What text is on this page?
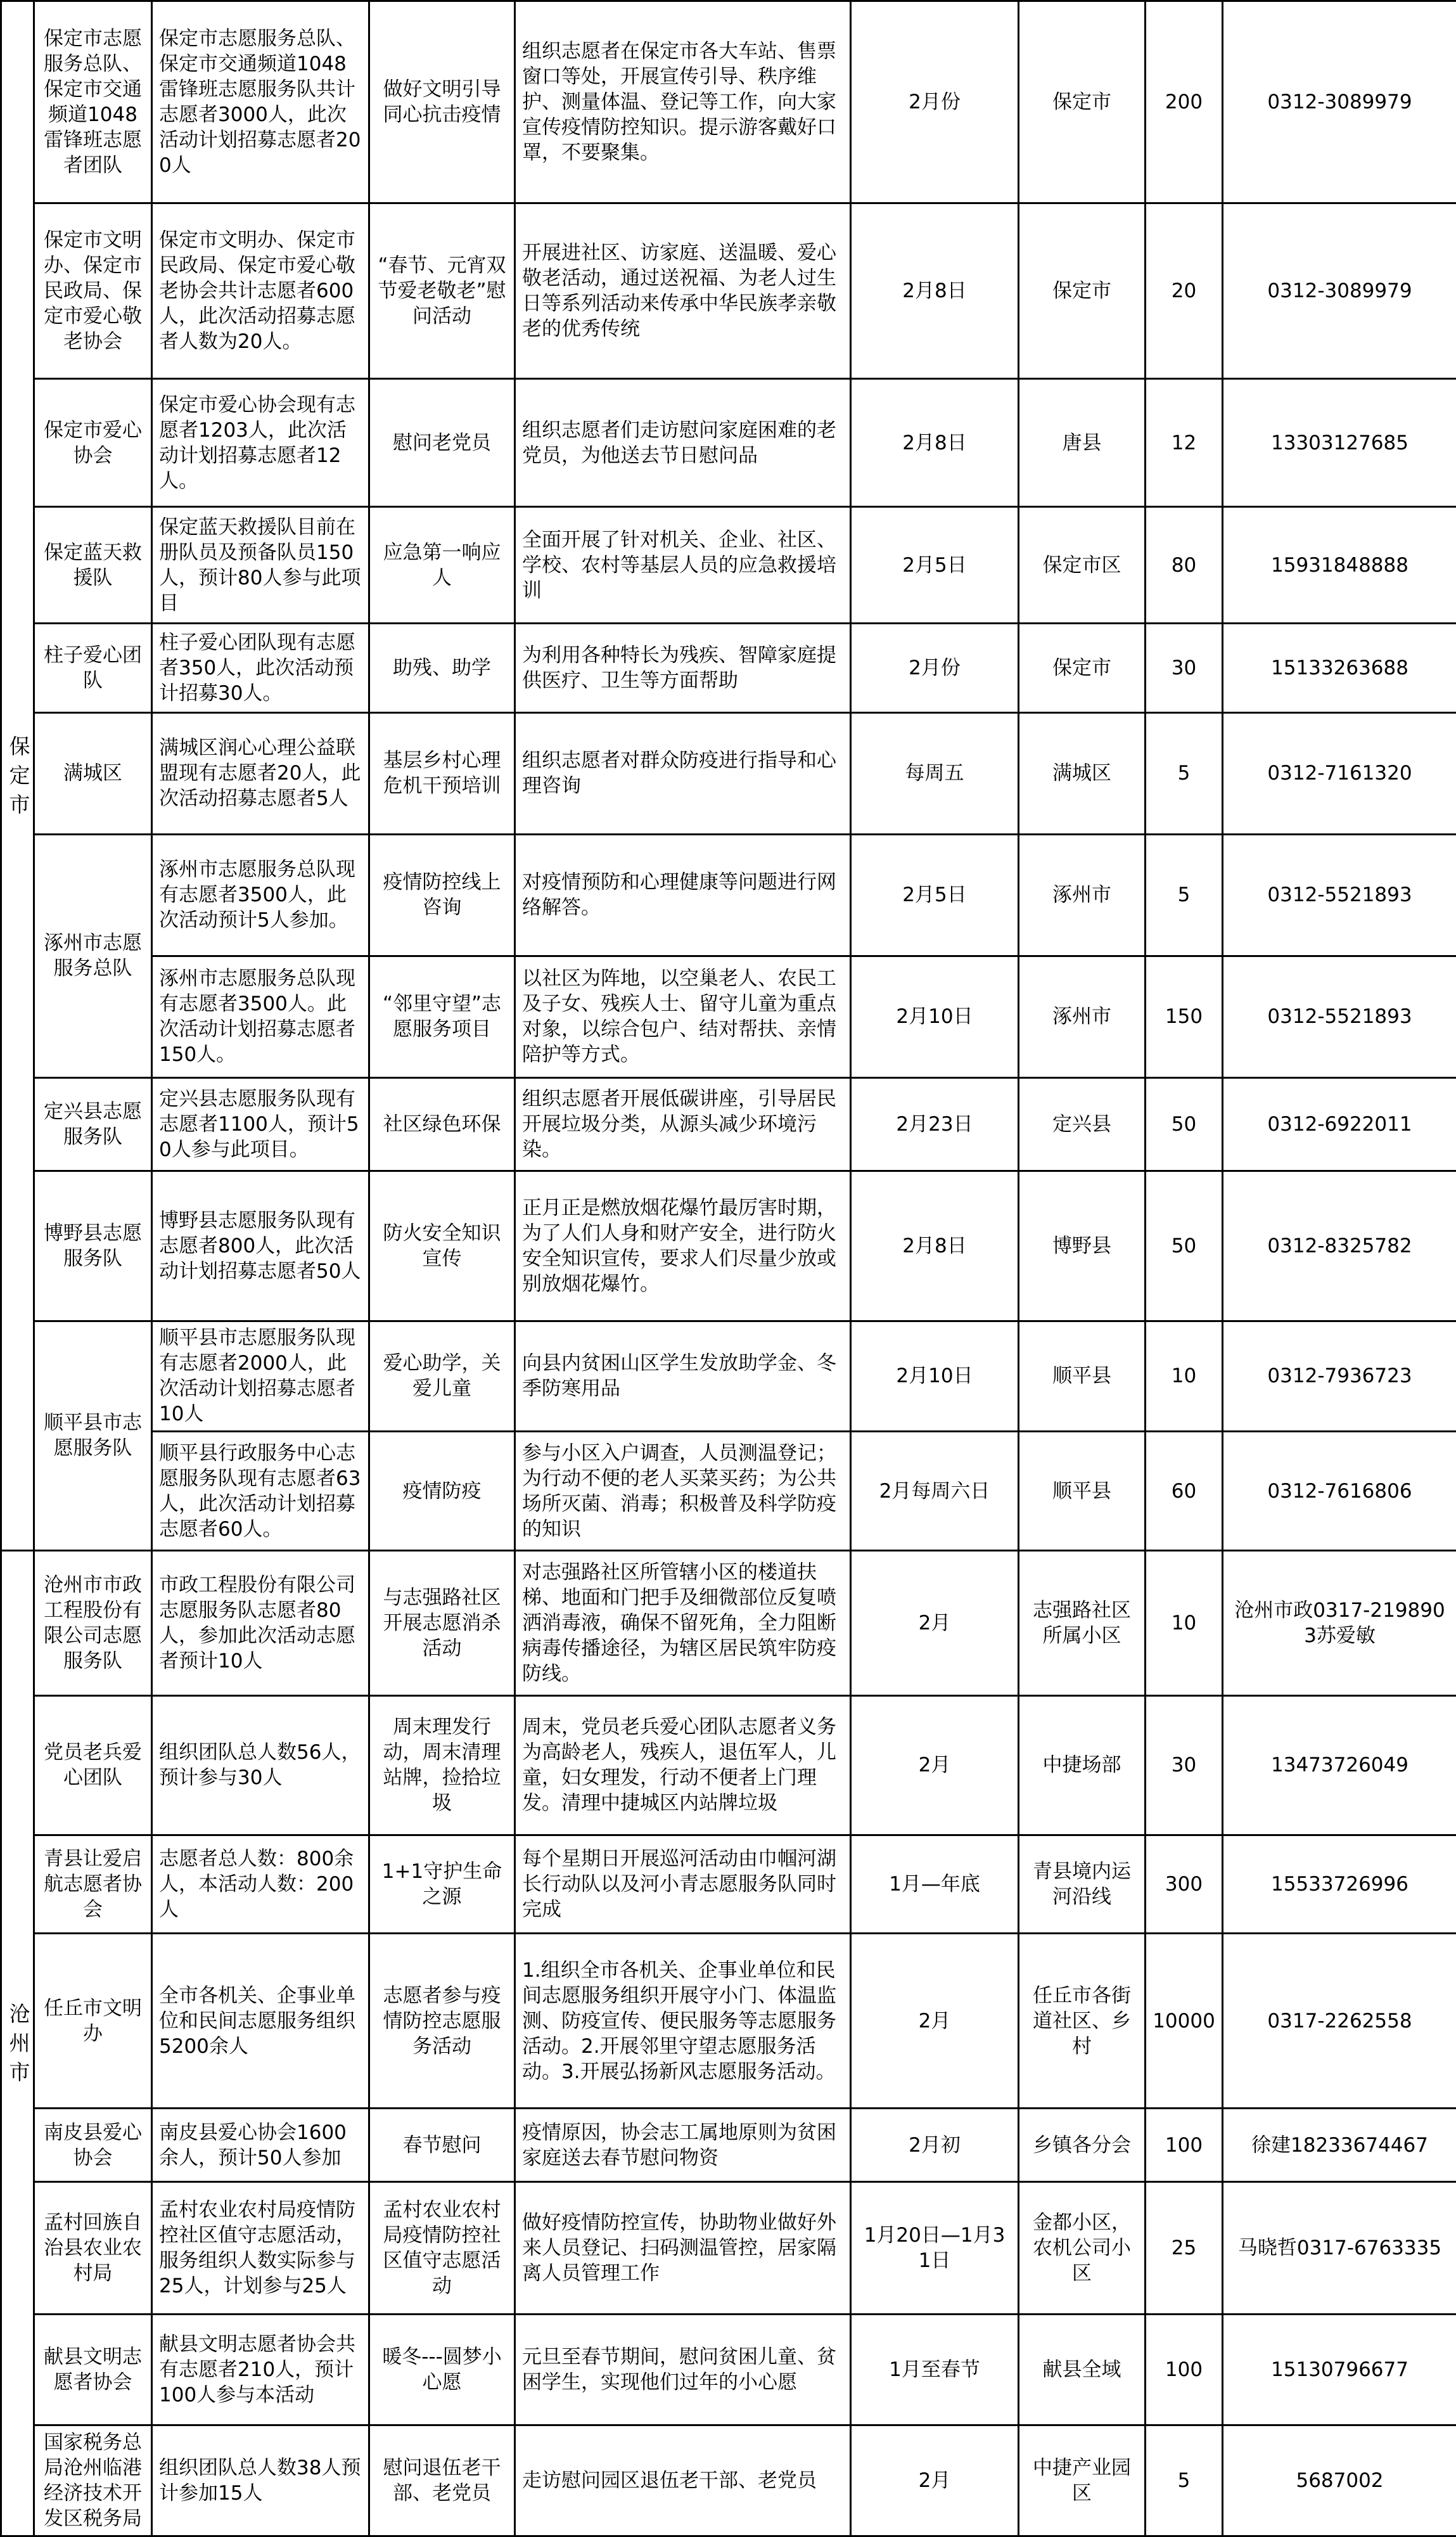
保定市	保定市志愿服务总队、保定市交通频道1048雷锋班志愿者团队	保定市志愿服务总队、保定市交通频道1048雷锋班志愿服务队共计志愿者3000人，此次活动计划招募志愿者200人	做好文明引导 同心抗击疫情	组织志愿者在保定市各大车站、售票窗口等处，开展宣传引导、秩序维护、测量体温、登记等工作，向大家宣传疫情防控知识。提示游客戴好口罩，不要聚集。	2月份	保定市	200	0312-3089979
	保定市文明办、保定市民政局、保定市爱心敬老协会	保定市文明办、保定市民政局、保定市爱心敬老协会共计志愿者600人，此次活动招募志愿者人数为20人。	“春节、元宵双节爱老敬老”慰问活动	开展进社区、访家庭、送温暖、爱心敬老活动，通过送祝福、为老人过生日等系列活动来传承中华民族孝亲敬老的优秀传统	2月8日	保定市	20	0312-3089979
	保定市爱心协会	保定市爱心协会现有志愿者1203人，此次活动计划招募志愿者12人。	慰问老党员	组织志愿者们走访慰问家庭困难的老党员，为他送去节日慰问品	2月8日	唐县	12	13303127685
	保定蓝天救援队	保定蓝天救援队目前在册队员及预备队员150人，预计80人参与此项目	应急第一响应人	全面开展了针对机关、企业、社区、学校、农村等基层人员的应急救援培训	2月5日	保定市区	80	15931848888
	柱子爱心团队	柱子爱心团队现有志愿者350人，此次活动预计招募30人。	助残、助学	为利用各种特长为残疾、智障家庭提供医疗、卫生等方面帮助	2月份	保定市	30	15133263688
	满城区	满城区润心心理公益联盟现有志愿者20人，此次活动招募志愿者5人	基层乡村心理危机干预培训	组织志愿者对群众防疫进行指导和心理咨询	每周五	满城区	5	0312-7161320
	涿州市志愿服务总队	涿州市志愿服务总队现有志愿者3500人，此次活动预计5人参加。	疫情防控线上咨询	对疫情预防和心理健康等问题进行网络解答。	2月5日	涿州市	5	0312-5521893
		涿州市志愿服务总队现有志愿者3500人。此次活动计划招募志愿者150人。	“邻里守望”志愿服务项目	以社区为阵地，以空巢老人、农民工及子女、残疾人士、留守儿童为重点对象，以综合包户、结对帮扶、亲情陪护等方式。	2月10日	涿州市	150	0312-5521893
	定兴县志愿服务队	定兴县志愿服务队现有志愿者1100人，预计50人参与此项目。	社区绿色环保	组织志愿者开展低碳讲座，引导居民开展垃圾分类，从源头减少环境污染。	2月23日	定兴县	50	0312-6922011
	博野县志愿服务队	博野县志愿服务队现有志愿者800人，此次活动计划招募志愿者50人	防火安全知识宣传	正月正是燃放烟花爆竹最厉害时期，为了人们人身和财产安全，进行防火安全知识宣传，要求人们尽量少放或别放烟花爆竹。	2月8日	博野县	50	0312-8325782
	顺平县市志愿服务队	顺平县市志愿服务队现有志愿者2000人，此次活动计划招募志愿者10人	爱心助学，关爱儿童	向县内贫困山区学生发放助学金、冬季防寒用品	2月10日	顺平县	10	0312-7936723
		顺平县行政服务中心志愿服务队现有志愿者63人，此次活动计划招募志愿者60人。	疫情防疫	参与小区入户调查，人员测温登记；为行动不便的老人买菜买药；为公共场所灭菌、消毒；积极普及科学防疫的知识	2月每周六日	顺平县	60	0312-7616806
沧州市	沧州市市政工程股份有限公司志愿服务队	市政工程股份有限公司志愿服务队志愿者80人，参加此次活动志愿者预计10人	与志强路社区开展志愿消杀活动	对志强路社区所管辖小区的楼道扶梯、地面和门把手及细微部位反复喷洒消毒液，确保不留死角，全力阻断病毒传播途径，为辖区居民筑牢防疫防线。	2月	志强路社区所属小区	10	沧州市政0317-2198903苏爱敏
	党员老兵爱心团队	组织团队总人数56人，预计参与30人	周末理发行动，周末清理站牌，捡拾垃圾	周末，党员老兵爱心团队志愿者义务为高龄老人，残疾人，退伍军人，儿童，妇女理发，行动不便者上门理发。清理中捷城区内站牌垃圾	2月	中捷场部	30	13473726049
	青县让爱启航志愿者协会	志愿者总人数：800余人，本活动人数：200人	1+1守护生命之源	每个星期日开展巡河活动由巾帼河湖长行动队以及河小青志愿服务队同时完成	1月—年底	青县境内运河沿线	300	15533726996
	任丘市文明办	全市各机关、企事业单位和民间志愿服务组织5200余人	志愿者参与疫情防控志愿服务活动	1.组织全市各机关、企事业单位和民间志愿服务组织开展守小门、体温监测、防疫宣传、便民服务等志愿服务活动。2.开展邻里守望志愿服务活动。3.开展弘扬新风志愿服务活动。	2月	任丘市各街道社区、乡村	10000	0317-2262558
	南皮县爱心协会	南皮县爱心协会1600余人，预计50人参加	春节慰问	疫情原因，协会志工属地原则为贫困家庭送去春节慰问物资	2月初	乡镇各分会	100	徐建18233674467
	孟村回族自治县农业农村局	孟村农业农村局疫情防控社区值守志愿活动，服务组织人数实际参与25人，计划参与25人	孟村农业农村局疫情防控社区值守志愿活动	做好疫情防控宣传，协助物业做好外来人员登记、扫码测温管控，居家隔离人员管理工作	1月20日—1月31日	金都小区，农机公司小区	25	马晓哲0317-6763335
	献县文明志愿者协会	献县文明志愿者协会共有志愿者210人，预计100人参与本活动	暖冬---圆梦小心愿	元旦至春节期间，慰问贫困儿童、贫困学生，实现他们过年的小心愿	1月至春节	献县全域	100	15130796677
	国家税务总局沧州临港经济技术开发区税务局	组织团队总人数38人预计参加15人	慰问退伍老干部、老党员	走访慰问园区退伍老干部、老党员	2月	中捷产业园区	5	5687002
